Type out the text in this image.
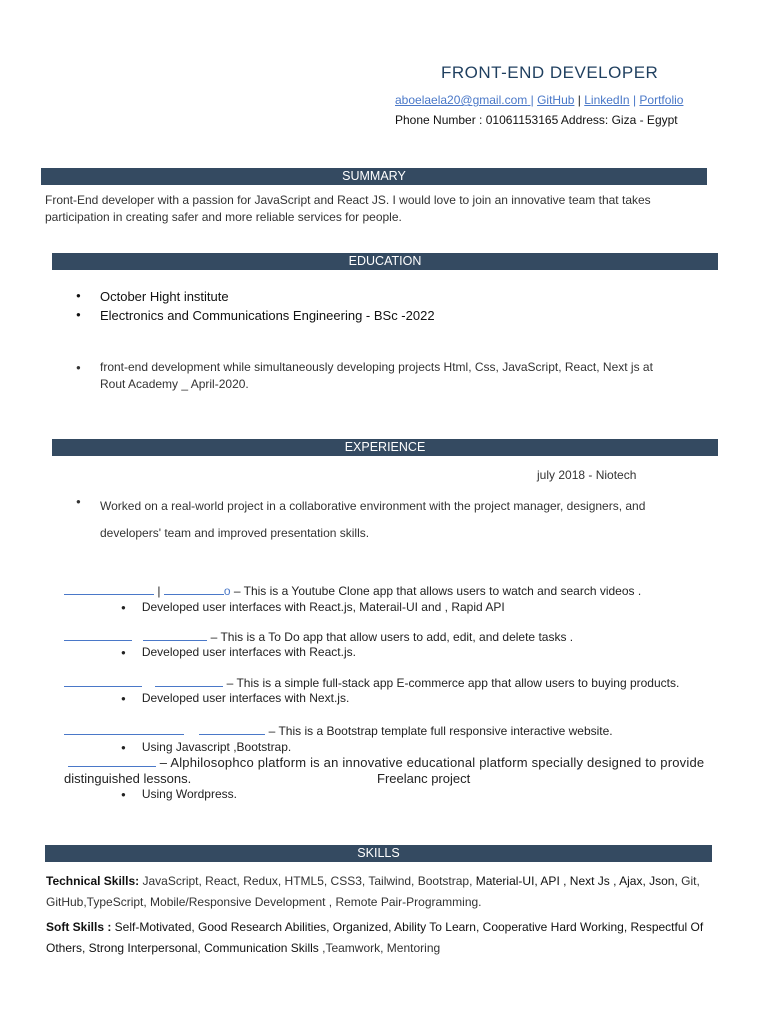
FRONT-END DEVELOPER
aboelaela20@gmail.com | GitHub | LinkedIn | Portfolio
Phone Number : 01061153165 Address: Giza - Egypt
SUMMARY
Front-End developer with a passion for JavaScript and React JS. I would love to join an innovative team that takes participation in creating safer and more reliable services for people.
EDUCATION
● October Hight institute
● Electronics and Communications Engineering - BSc -2022
● front-end development while simultaneously developing projects Html, Css, JavaScript, React, Next js at Rout Academy _ April-2020.
EXPERIENCE
july 2018 - Niotech
● Worked on a real-world project in a collaborative environment with the project manager, designers, and developers' team and improved presentation skills.
|	o – This is a Youtube Clone app that allows users to watch and search videos .
● Developed user interfaces with React.js, Materail-UI and , Rapid API
– This is a To Do app that allow users to add, edit, and delete tasks .
● Developed user interfaces with React.js.
– This is a simple full-stack app E-commerce app that allow users to buying products.
● Developed user interfaces with Next.js.
– This is a Bootstrap template full responsive interactive website.
● Using Javascript ,Bootstrap.
– Alphilosophco platform is an innovative educational platform specially designed to provide
distinguished lessons.	Freelanc project
● Using Wordpress.
SKILLS
Technical Skills: JavaScript, React, Redux, HTML5, CSS3, Tailwind, Bootstrap, Material-UI, API , Next Js , Ajax, Json, Git, GitHub,TypeScript, Mobile/Responsive Development , Remote Pair-Programming.
Soft Skills : Self-Motivated, Good Research Abilities, Organized, Ability To Learn, Cooperative Hard Working, Respectful Of Others, Strong Interpersonal, Communication Skills ,Teamwork, Mentoring
